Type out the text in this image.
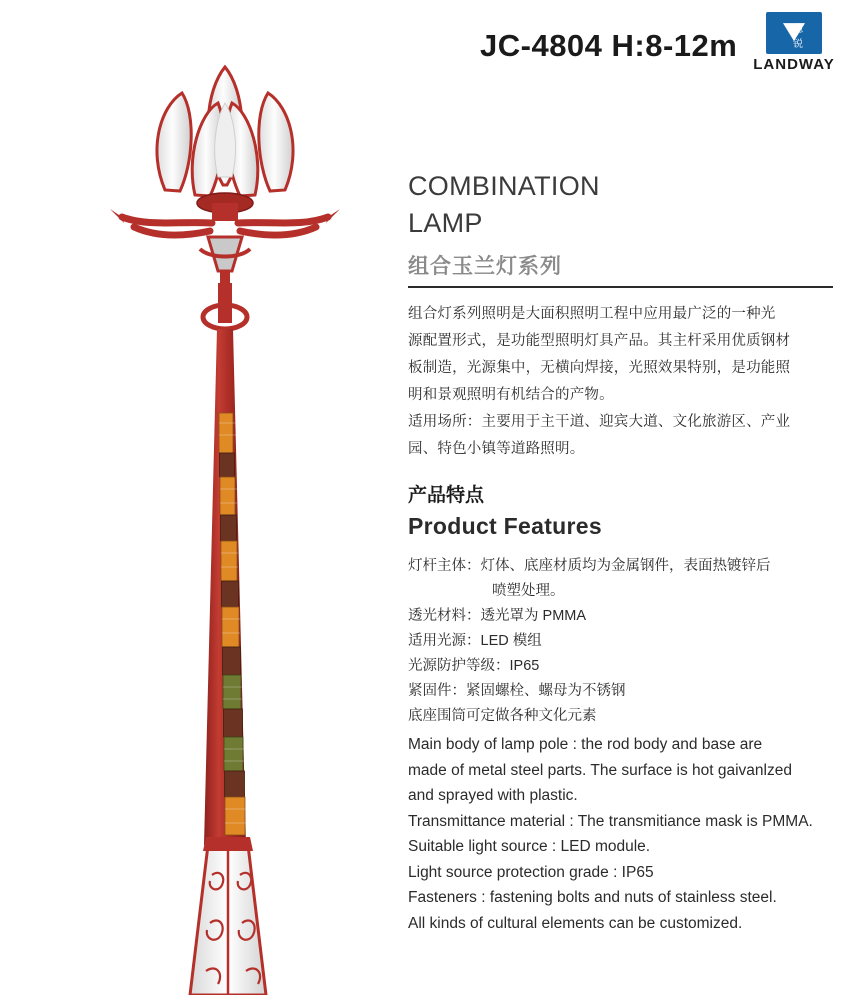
JC-4804 H:8-12m	稳 锐
LANDWAY
COMBINATION
LAMP
组合玉兰灯系列

组合灯系列照明是大面积照明工程中应用最广泛的一种光

源配置形式，是功能型照明灯具产品。其主杆采用优质钢材

板制造，光源集中，无横向焊接，光照效果特别，是功能照

明和景观照明有机结合的产物。

适用场所：主要用于主干道、迎宾大道、文化旅游区、产业

园、特色小镇等道路照明。

产品特点
Product Features
灯杆主体：灯体、底座材质均为金属钢件，表面热镀锌后
喷塑处理。
透光材料：透光罩为 PMMA
适用光源：LED 模组
光源防护等级：IP65
紧固件：紧固螺栓、螺母为不锈钢
底座围筒可定做各种文化元素

Main body of lamp pole : the rod body and base are

made of metal steel parts. The surface is hot gaivanlzed

and sprayed with plastic.

Transmittance material : The transmitiance mask is PMMA.

Suitable light source : LED module.

Light source protection grade : IP65

Fasteners : fastening bolts and nuts of stainless steel.

All kinds of cultural elements can be customized.
